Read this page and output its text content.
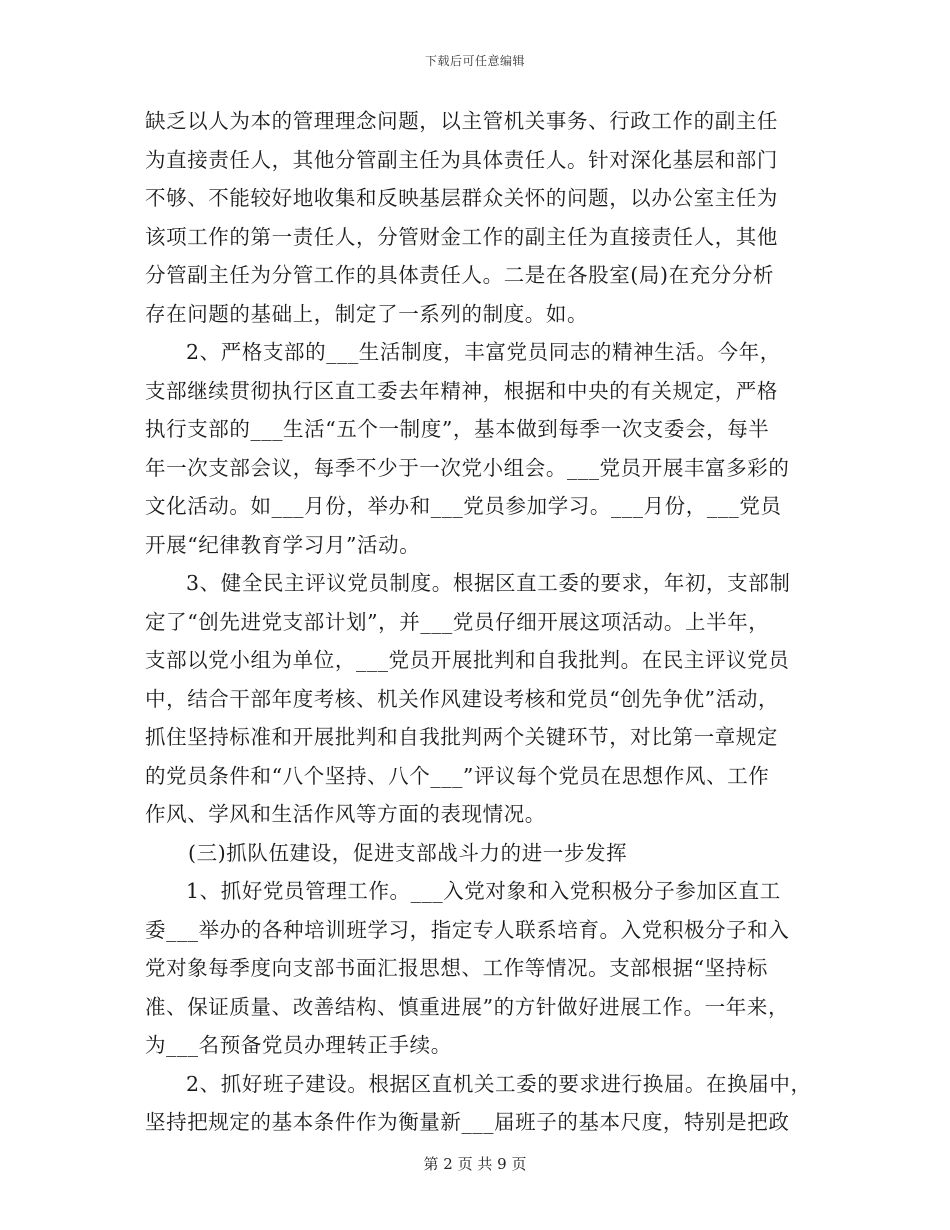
下载后可任意编辑

缺乏以人为本的管理理念问题，以主管机关事务、行政工作的副主任
为直接责任人，其他分管副主任为具体责任人。针对深化基层和部门
不够、不能较好地收集和反映基层群众关怀的问题，以办公室主任为
该项工作的第一责任人，分管财金工作的副主任为直接责任人，其他
分管副主任为分管工作的具体责任人。二是在各股室(局)在充分分析
存在问题的基础上，制定了一系列的制度。如。

2、严格支部的___生活制度，丰富党员同志的精神生活。今年，
支部继续贯彻执行区直工委去年精神，根据和中央的有关规定，严格
执行支部的___生活“五个一制度”，基本做到每季一次支委会，每半
年一次支部会议，每季不少于一次党小组会。___党员开展丰富多彩的
文化活动。如___月份，举办和___党员参加学习。___月份，___党员
开展“纪律教育学习月”活动。

3、健全民主评议党员制度。根据区直工委的要求，年初，支部制
定了“创先进党支部计划”，并___党员仔细开展这项活动。上半年，
支部以党小组为单位，___党员开展批判和自我批判。在民主评议党员
中，结合干部年度考核、机关作风建设考核和党员“创先争优”活动，
抓住坚持标准和开展批判和自我批判两个关键环节，对比第一章规定
的党员条件和“八个坚持、八个___”评议每个党员在思想作风、工作
作风、学风和生活作风等方面的表现情况。

(三)抓队伍建设，促进支部战斗力的进一步发挥

1、抓好党员管理工作。___入党对象和入党积极分子参加区直工
委___举办的各种培训班学习，指定专人联系培育。入党积极分子和入
党对象每季度向支部书面汇报思想、工作等情况。支部根据“坚持标
准、保证质量、改善结构、慎重进展”的方针做好进展工作。一年来，
为___名预备党员办理转正手续。

2、抓好班子建设。根据区直机关工委的要求进行换届。在换届中，
坚持把规定的基本条件作为衡量新___届班子的基本尺度，特别是把政

第 2 页 共 9 页
